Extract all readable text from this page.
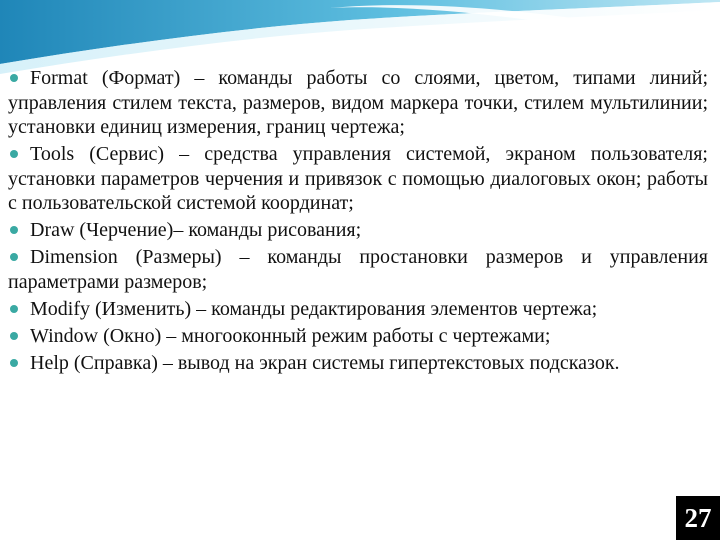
Format (Формат) – команды работы со слоями, цветом, типами линий; управления стилем текста, размеров, видом маркера точки, стилем мультилинии; установки единиц измерения, границ чертежа;
Tools (Сервис) – средства управления системой, экраном пользователя; установки параметров черчения и привязок с помощью диалоговых окон; работы с пользовательской системой координат;
Draw (Черчение)– команды рисования;
Dimension (Размеры) – команды простановки размеров и управления параметрами размеров;
Modify (Изменить) – команды редактирования элементов чертежа;
Window (Окно) – многооконный режим работы с чертежами;
Help (Справка) – вывод на экран системы гипертекстовых подсказок.
27
